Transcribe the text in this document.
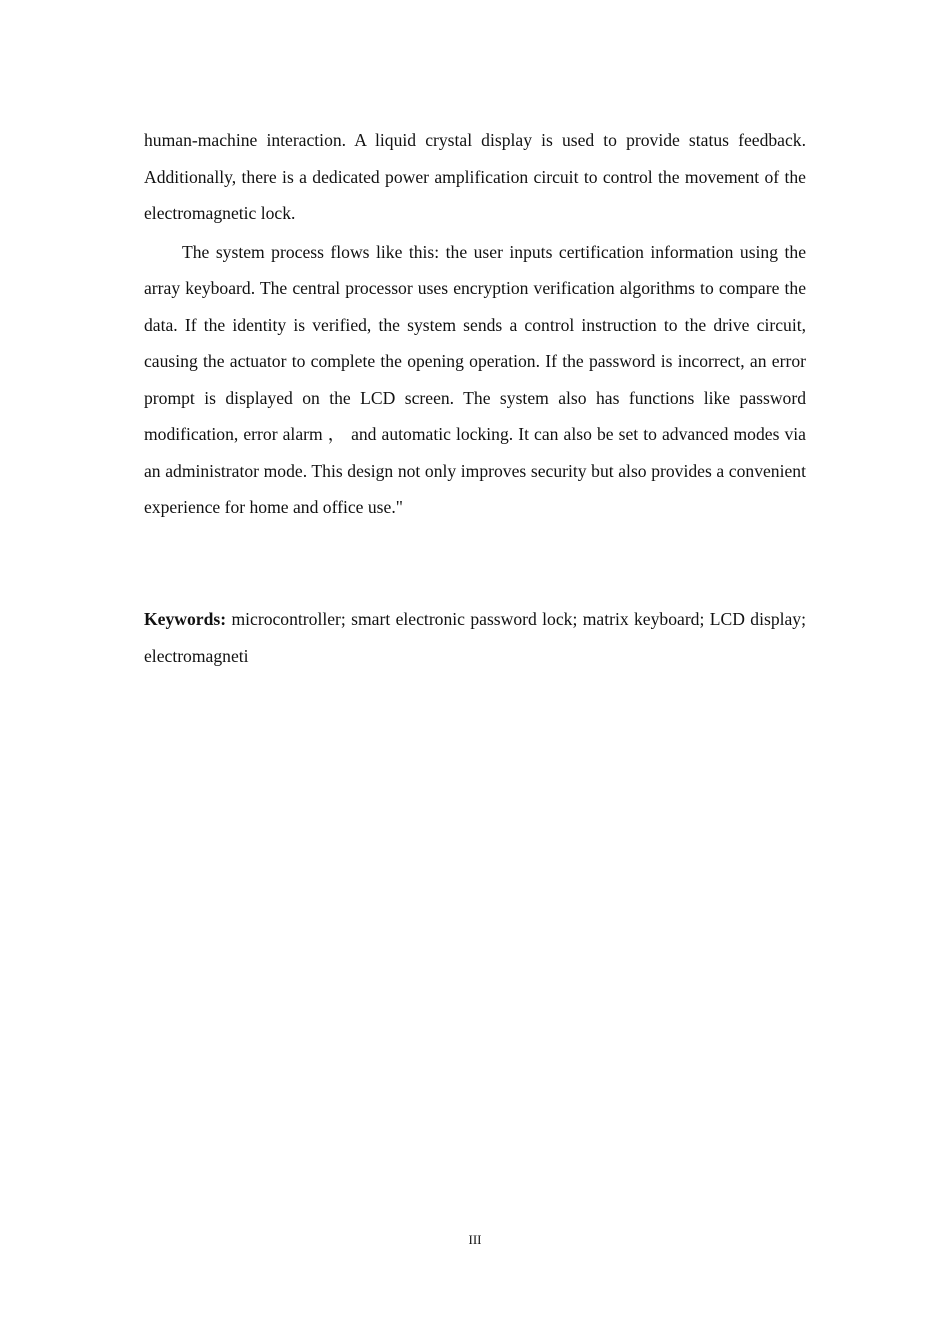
human-machine interaction. A liquid crystal display is used to provide status feedback. Additionally, there is a dedicated power amplification circuit to control the movement of the electromagnetic lock.

The system process flows like this: the user inputs certification information using the array keyboard. The central processor uses encryption verification algorithms to compare the data. If the identity is verified, the system sends a control instruction to the drive circuit, causing the actuator to complete the opening operation. If the password is incorrect, an error prompt is displayed on the LCD screen. The system also has functions like password modification, error alarm ， and automatic locking. It can also be set to advanced modes via an administrator mode. This design not only improves security but also provides a convenient experience for home and office use."

Keywords: microcontroller; smart electronic password lock; matrix keyboard; LCD display; electromagneti

III
